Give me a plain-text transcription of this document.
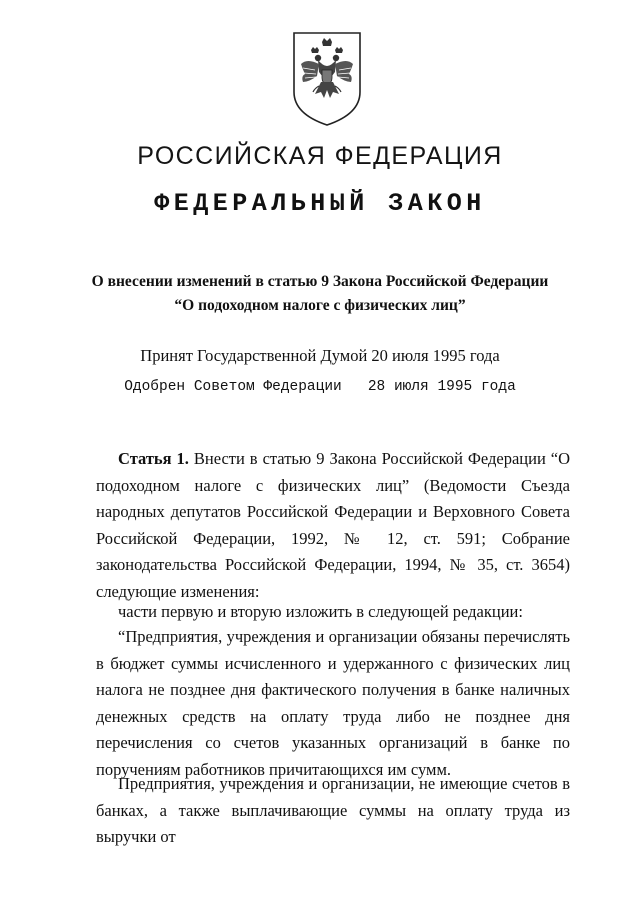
РОССИЙСКАЯ ФЕДЕРАЦИЯ
ФЕДЕРАЛЬНЫЙ ЗАКОН
О внесении изменений в статью 9 Закона Российской Федерации
“О подоходном налоге с физических лиц”
Принят Государственной Думой 20 июля 1995 года
Одобрен Советом Федерации   28 июля 1995 года
Статья 1. Внести в статью 9 Закона Российской Федерации “О подоходном налоге с физических лиц” (Ведомости Съезда народных депутатов Российской Федерации и Верховного Совета Российской Федерации, 1992, № 12, ст. 591; Собрание законодательства Российской Федерации, 1994, № 35, ст. 3654) следующие изменения:
части первую и вторую изложить в следующей редакции:
“Предприятия, учреждения и организации обязаны перечислять в бюджет суммы исчисленного и удержанного с физических лиц налога не позднее дня фактического получения в банке наличных денежных средств на оплату труда либо не позднее дня перечисления со счетов указанных организаций в банке по поручениям работников причитающихся им сумм.
Предприятия, учреждения и организации, не имеющие счетов в банках, а также выплачивающие суммы на оплату труда из выручки от
